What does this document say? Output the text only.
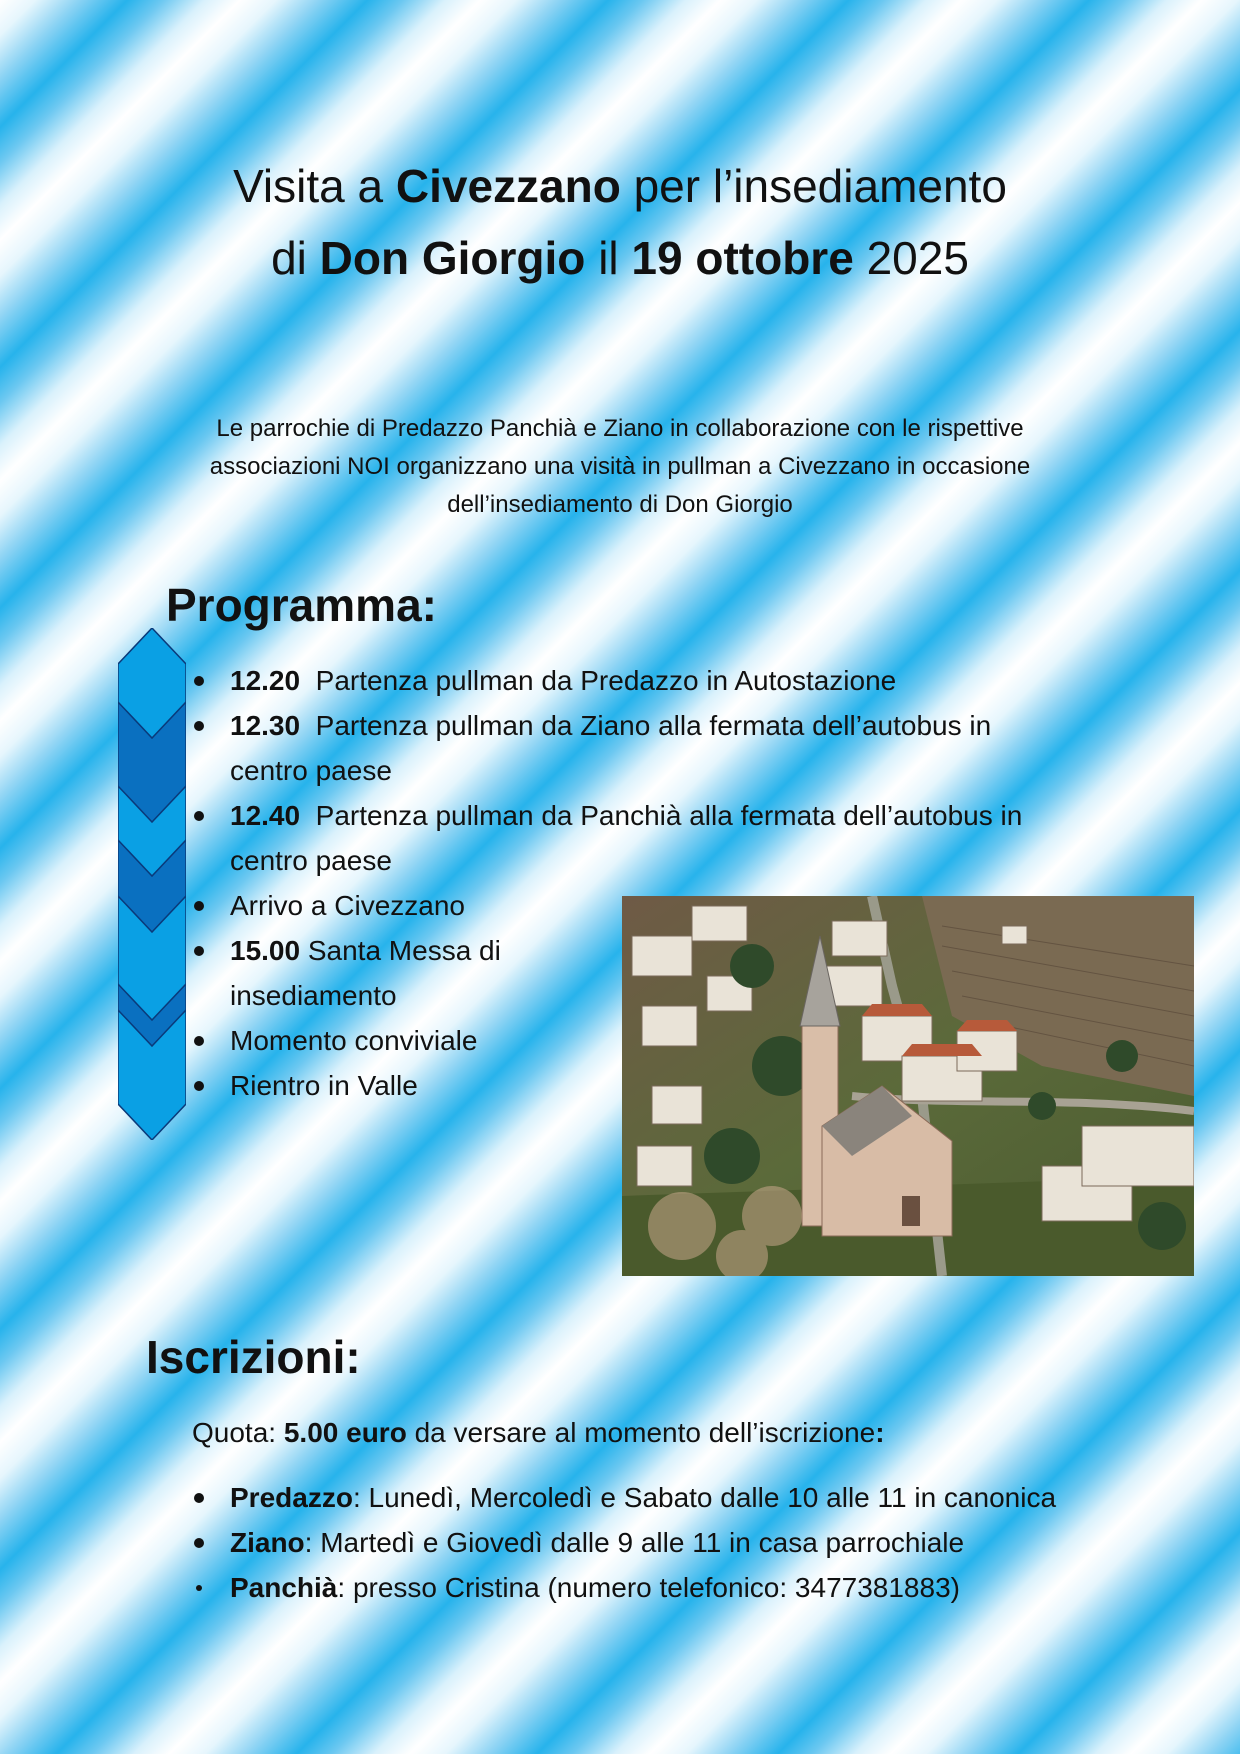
Visita a Civezzano per l’insediamento
di Don Giorgio il 19 ottobre 2025
Le parrochie di Predazzo Panchià e Ziano in collaborazione con le rispettive
associazioni NOI organizzano una visità in pullman a Civezzano in occasione
dell’insediamento di Don Giorgio
Programma:
12.20 Partenza pullman da Predazzo in Autostazione
12.30 Partenza pullman da Ziano alla fermata dell’autobus in
centro paese
12.40 Partenza pullman da Panchià alla fermata dell’autobus in
centro paese
Arrivo a Civezzano
15.00 Santa Messa di
insediamento
Momento conviviale
Rientro in Valle
Iscrizioni:
Quota: 5.00 euro da versare al momento dell’iscrizione:
Predazzo: Lunedì, Mercoledì e Sabato dalle 10 alle 11 in canonica
Ziano: Martedì e Giovedì dalle 9 alle 11 in casa parrochiale
Panchià: presso Cristina (numero telefonico: 3477381883)
